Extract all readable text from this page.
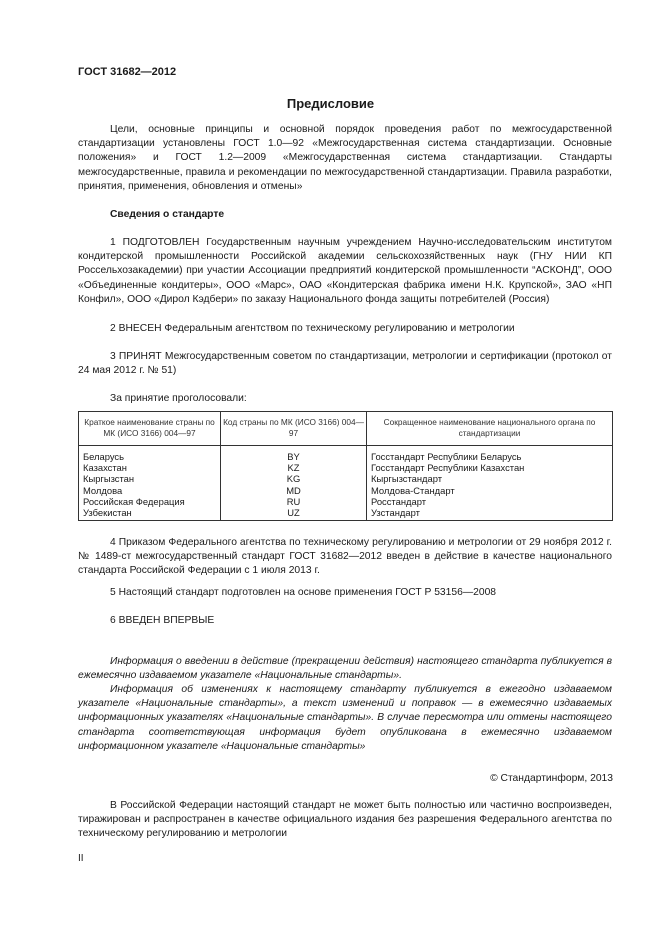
ГОСТ 31682—2012
Предисловие

Цели, основные принципы и основной порядок проведения работ по межгосударственной стандартизации установлены ГОСТ 1.0—92 «Межгосударственная система стандартизации. Основные положения» и ГОСТ 1.2—2009 «Межгосударственная система стандартизации. Стандарты межгосударственные, правила и рекомендации по межгосударственной стандартизации. Правила разработки, принятия, применения, обновления и отмены»

Сведения о стандарте

1 ПОДГОТОВЛЕН Государственным научным учреждением Научно-исследовательским институтом кондитерской промышленности Российской академии сельскохозяйственных наук (ГНУ НИИ КП Россельхозакадемии) при участии Ассоциации предприятий кондитерской промышленности “АСКОНД”, ООО «Объединенные кондитеры», ООО «Марс», ОАО «Кондитерская фабрика имени Н.К. Крупской», ЗАО «НП Конфил», ООО «Дирол Кэдбери» по заказу Национального фонда защиты потребителей (Россия)

2 ВНЕСЕН Федеральным агентством по техническому регулированию и метрологии

3 ПРИНЯТ Межгосударственным советом по стандартизации, метрологии и сертификации (протокол от 24 мая 2012 г. № 51)

За принятие проголосовали:

Краткое наименование страны по МК (ИСО 3166) 004—97	Код страны по МК (ИСО 3166) 004—97	Сокращенное наименование национального органа по стандартизации
Беларусь	BY	Госстандарт Республики Беларусь
Казахстан	KZ	Госстандарт Республики Казахстан
Кыргызстан	KG	Кыргызстандарт
Молдова	MD	Молдова-Стандарт
Российская Федерация	RU	Росстандарт
Узбекистан	UZ	Узстандарт

4 Приказом Федерального агентства по техническому регулированию и метрологии от 29 ноября 2012 г. № 1489-ст межгосударственный стандарт ГОСТ 31682—2012 введен в действие в качестве национального стандарта Российской Федерации с 1 июля 2013 г.

5 Настоящий стандарт подготовлен на основе применения ГОСТ Р 53156—2008

6 ВВЕДЕН ВПЕРВЫЕ

Информация о введении в действие (прекращении действия) настоящего стандарта публикуется в ежемесячно издаваемом указателе «Национальные стандарты».

Информация об изменениях к настоящему стандарту публикуется в ежегодно издаваемом указателе «Национальные стандарты», а текст изменений и поправок — в ежемесячно издаваемых информационных указателях «Национальные стандарты». В случае пересмотра или отмены настоящего стандарта соответствующая информация будет опубликована в ежемесячно издаваемом информационном указателе «Национальные стандарты»

© Стандартинформ, 2013

В Российской Федерации настоящий стандарт не может быть полностью или частично воспроизведен, тиражирован и распространен в качестве официального издания без разрешения Федерального агентства по техническому регулированию и метрологии

II
